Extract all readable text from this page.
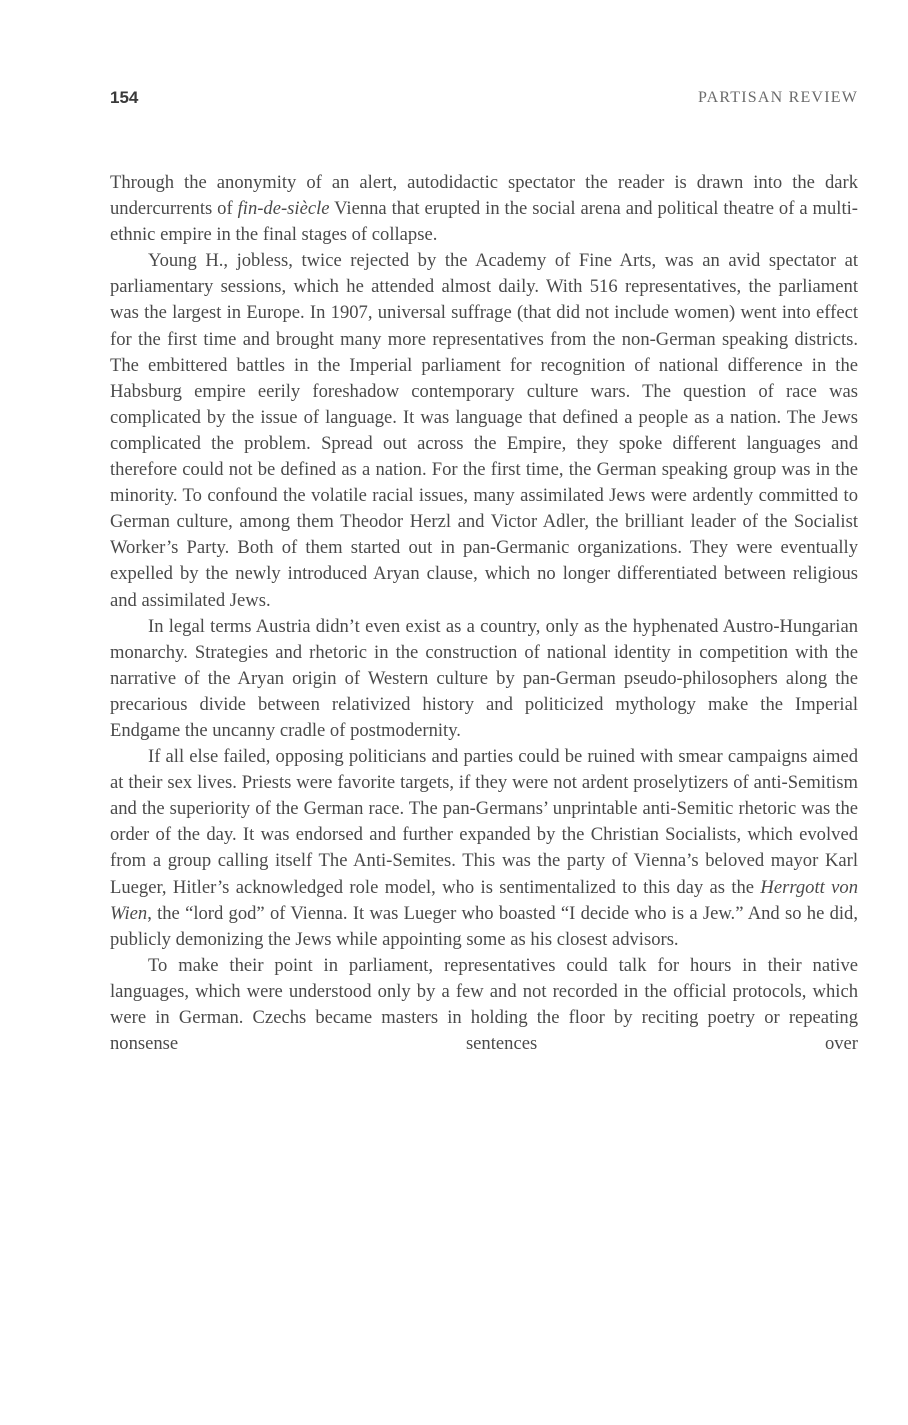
154	PARTISAN REVIEW

Through the anonymity of an alert, autodidactic spectator the reader is drawn into the dark undercurrents of fin-de-siècle Vienna that erupted in the social arena and political theatre of a multi-ethnic empire in the final stages of collapse.

Young H., jobless, twice rejected by the Academy of Fine Arts, was an avid spectator at parliamentary sessions, which he attended almost daily. With 516 representatives, the parliament was the largest in Europe. In 1907, universal suffrage (that did not include women) went into effect for the first time and brought many more representatives from the non-German speaking districts. The embittered battles in the Imperial parliament for recognition of national difference in the Habsburg empire eerily foreshadow contemporary culture wars. The question of race was complicated by the issue of language. It was language that defined a people as a nation. The Jews complicated the problem. Spread out across the Empire, they spoke different languages and therefore could not be defined as a nation. For the first time, the German speaking group was in the minority. To confound the volatile racial issues, many assimilated Jews were ardently committed to German culture, among them Theodor Herzl and Victor Adler, the brilliant leader of the Socialist Worker’s Party. Both of them started out in pan-Germanic organizations. They were eventually expelled by the newly introduced Aryan clause, which no longer differentiated between religious and assimilated Jews.

In legal terms Austria didn’t even exist as a country, only as the hyphenated Austro-Hungarian monarchy. Strategies and rhetoric in the construction of national identity in competition with the narrative of the Aryan origin of Western culture by pan-German pseudo-philosophers along the precarious divide between relativized history and politicized mythology make the Imperial Endgame the uncanny cradle of postmodernity.

If all else failed, opposing politicians and parties could be ruined with smear campaigns aimed at their sex lives. Priests were favorite targets, if they were not ardent proselytizers of anti-Semitism and the superiority of the German race. The pan-Germans’ unprintable anti-Semitic rhetoric was the order of the day. It was endorsed and further expanded by the Christian Socialists, which evolved from a group calling itself The Anti-Semites. This was the party of Vienna’s beloved mayor Karl Lueger, Hitler’s acknowledged role model, who is sentimentalized to this day as the Herrgott von Wien, the “lord god” of Vienna. It was Lueger who boasted “I decide who is a Jew.” And so he did, publicly demonizing the Jews while appointing some as his closest advisors.

To make their point in parliament, representatives could talk for hours in their native languages, which were understood only by a few and not recorded in the official protocols, which were in German. Czechs became masters in holding the floor by reciting poetry or repeating nonsense sentences over
